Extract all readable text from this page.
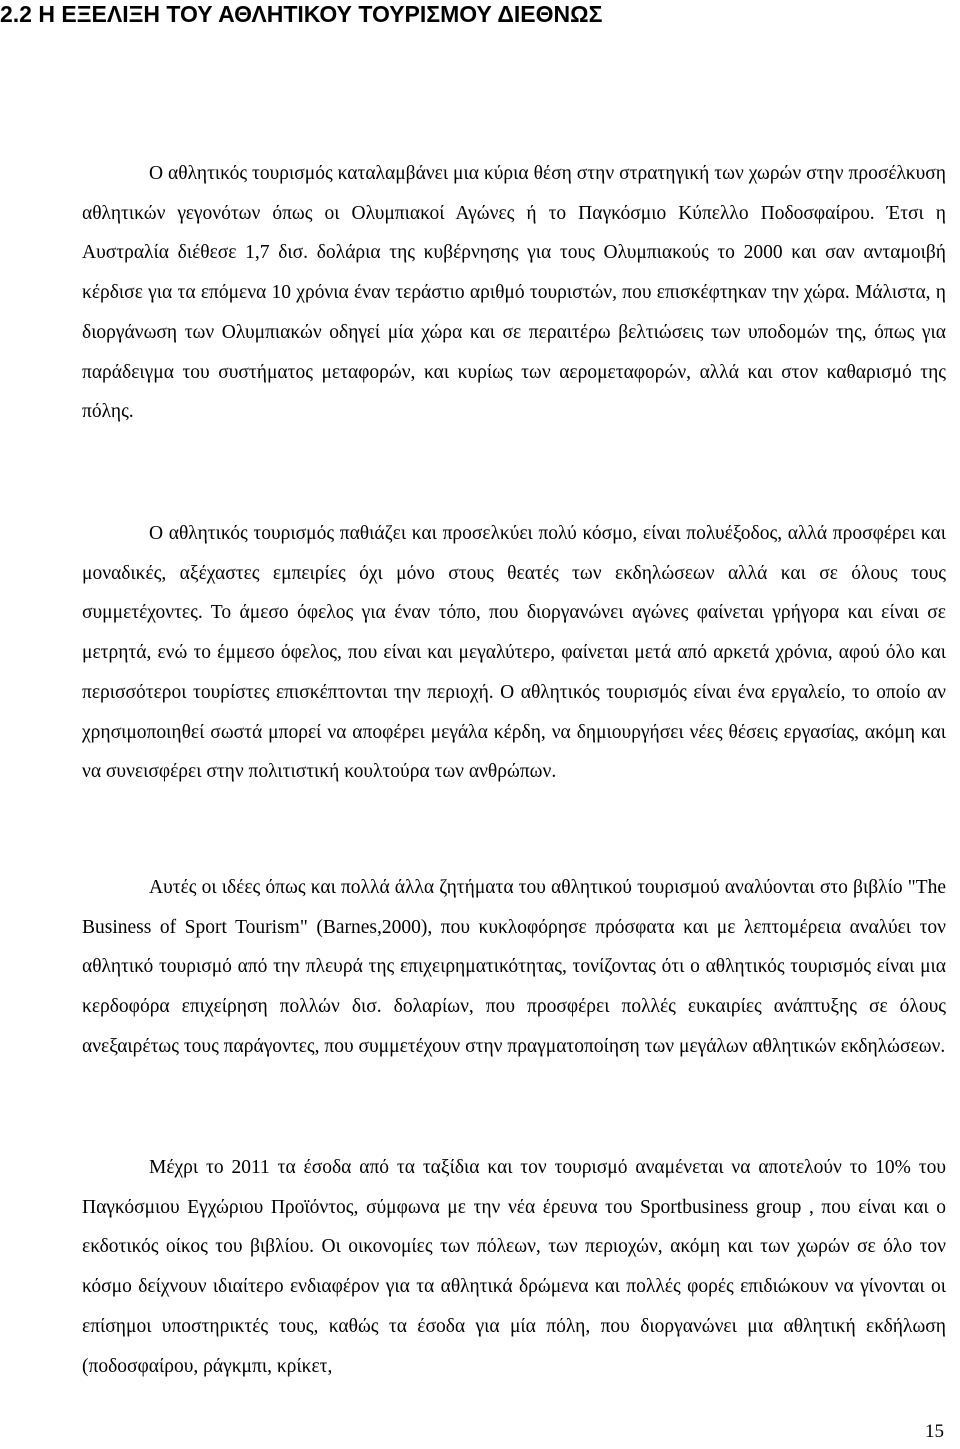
2.2 Η ΕΞΕΛΙΞΗ ΤΟΥ ΑΘΛΗΤΙΚΟΥ ΤΟΥΡΙΣΜΟΥ ΔΙΕΘΝΩΣ

Ο αθλητικός τουρισμός καταλαμβάνει μια κύρια θέση στην στρατηγική των χωρών στην προσέλκυση αθλητικών γεγονότων όπως οι Ολυμπιακοί Αγώνες ή το Παγκόσμιο Κύπελλο Ποδοσφαίρου. Έτσι η Αυστραλία διέθεσε 1,7 δισ. δολάρια της κυβέρνησης για τους Ολυμπιακούς το 2000 και σαν ανταμοιβή κέρδισε για τα επόμενα 10 χρόνια έναν τεράστιο αριθμό τουριστών, που επισκέφτηκαν την χώρα. Μάλιστα, η διοργάνωση των Ολυμπιακών οδηγεί μία χώρα και σε περαιτέρω βελτιώσεις των υποδομών της, όπως για παράδειγμα του συστήματος μεταφορών, και κυρίως των αερομεταφορών, αλλά και στον καθαρισμό της πόλης.

Ο αθλητικός τουρισμός παθιάζει και προσελκύει πολύ κόσμο, είναι πολυέξοδος, αλλά προσφέρει και μοναδικές, αξέχαστες εμπειρίες όχι μόνο στους θεατές των εκδηλώσεων αλλά και σε όλους τους συμμετέχοντες. Το άμεσο όφελος για έναν τόπο, που διοργανώνει αγώνες φαίνεται γρήγορα και είναι σε μετρητά, ενώ το έμμεσο όφελος, που είναι και μεγαλύτερο, φαίνεται μετά από αρκετά χρόνια, αφού όλο και περισσότεροι τουρίστες επισκέπτονται την περιοχή. Ο αθλητικός τουρισμός είναι ένα εργαλείο, το οποίο αν χρησιμοποιηθεί σωστά μπορεί να αποφέρει μεγάλα κέρδη, να δημιουργήσει νέες θέσεις εργασίας, ακόμη και να συνεισφέρει στην πολιτιστική κουλτούρα των ανθρώπων.

Αυτές οι ιδέες όπως και πολλά άλλα ζητήματα του αθλητικού τουρισμού αναλύονται στο βιβλίο "The Business of Sport Tourism" (Barnes,2000), που κυκλοφόρησε πρόσφατα και με λεπτομέρεια αναλύει τον αθλητικό τουρισμό από την πλευρά της επιχειρηματικότητας, τονίζοντας ότι ο αθλητικός τουρισμός είναι μια κερδοφόρα επιχείρηση πολλών δισ. δολαρίων, που προσφέρει πολλές ευκαιρίες ανάπτυξης σε όλους ανεξαιρέτως τους παράγοντες, που συμμετέχουν στην πραγματοποίηση των μεγάλων αθλητικών εκδηλώσεων.

Μέχρι το 2011 τα έσοδα από τα ταξίδια και τον τουρισμό αναμένεται να αποτελούν το 10% του Παγκόσμιου Εγχώριου Προϊόντος, σύμφωνα με την νέα έρευνα του Sportbusiness group , που είναι και ο εκδοτικός οίκος του βιβλίου. Οι οικονομίες των πόλεων, των περιοχών, ακόμη και των χωρών σε όλο τον κόσμο δείχνουν ιδιαίτερο ενδιαφέρον για τα αθλητικά δρώμενα και πολλές φορές επιδιώκουν να γίνονται οι επίσημοι υποστηρικτές τους, καθώς τα έσοδα για μία πόλη, που διοργανώνει μια αθλητική εκδήλωση (ποδοσφαίρου, ράγκμπι, κρίκετ,

15
